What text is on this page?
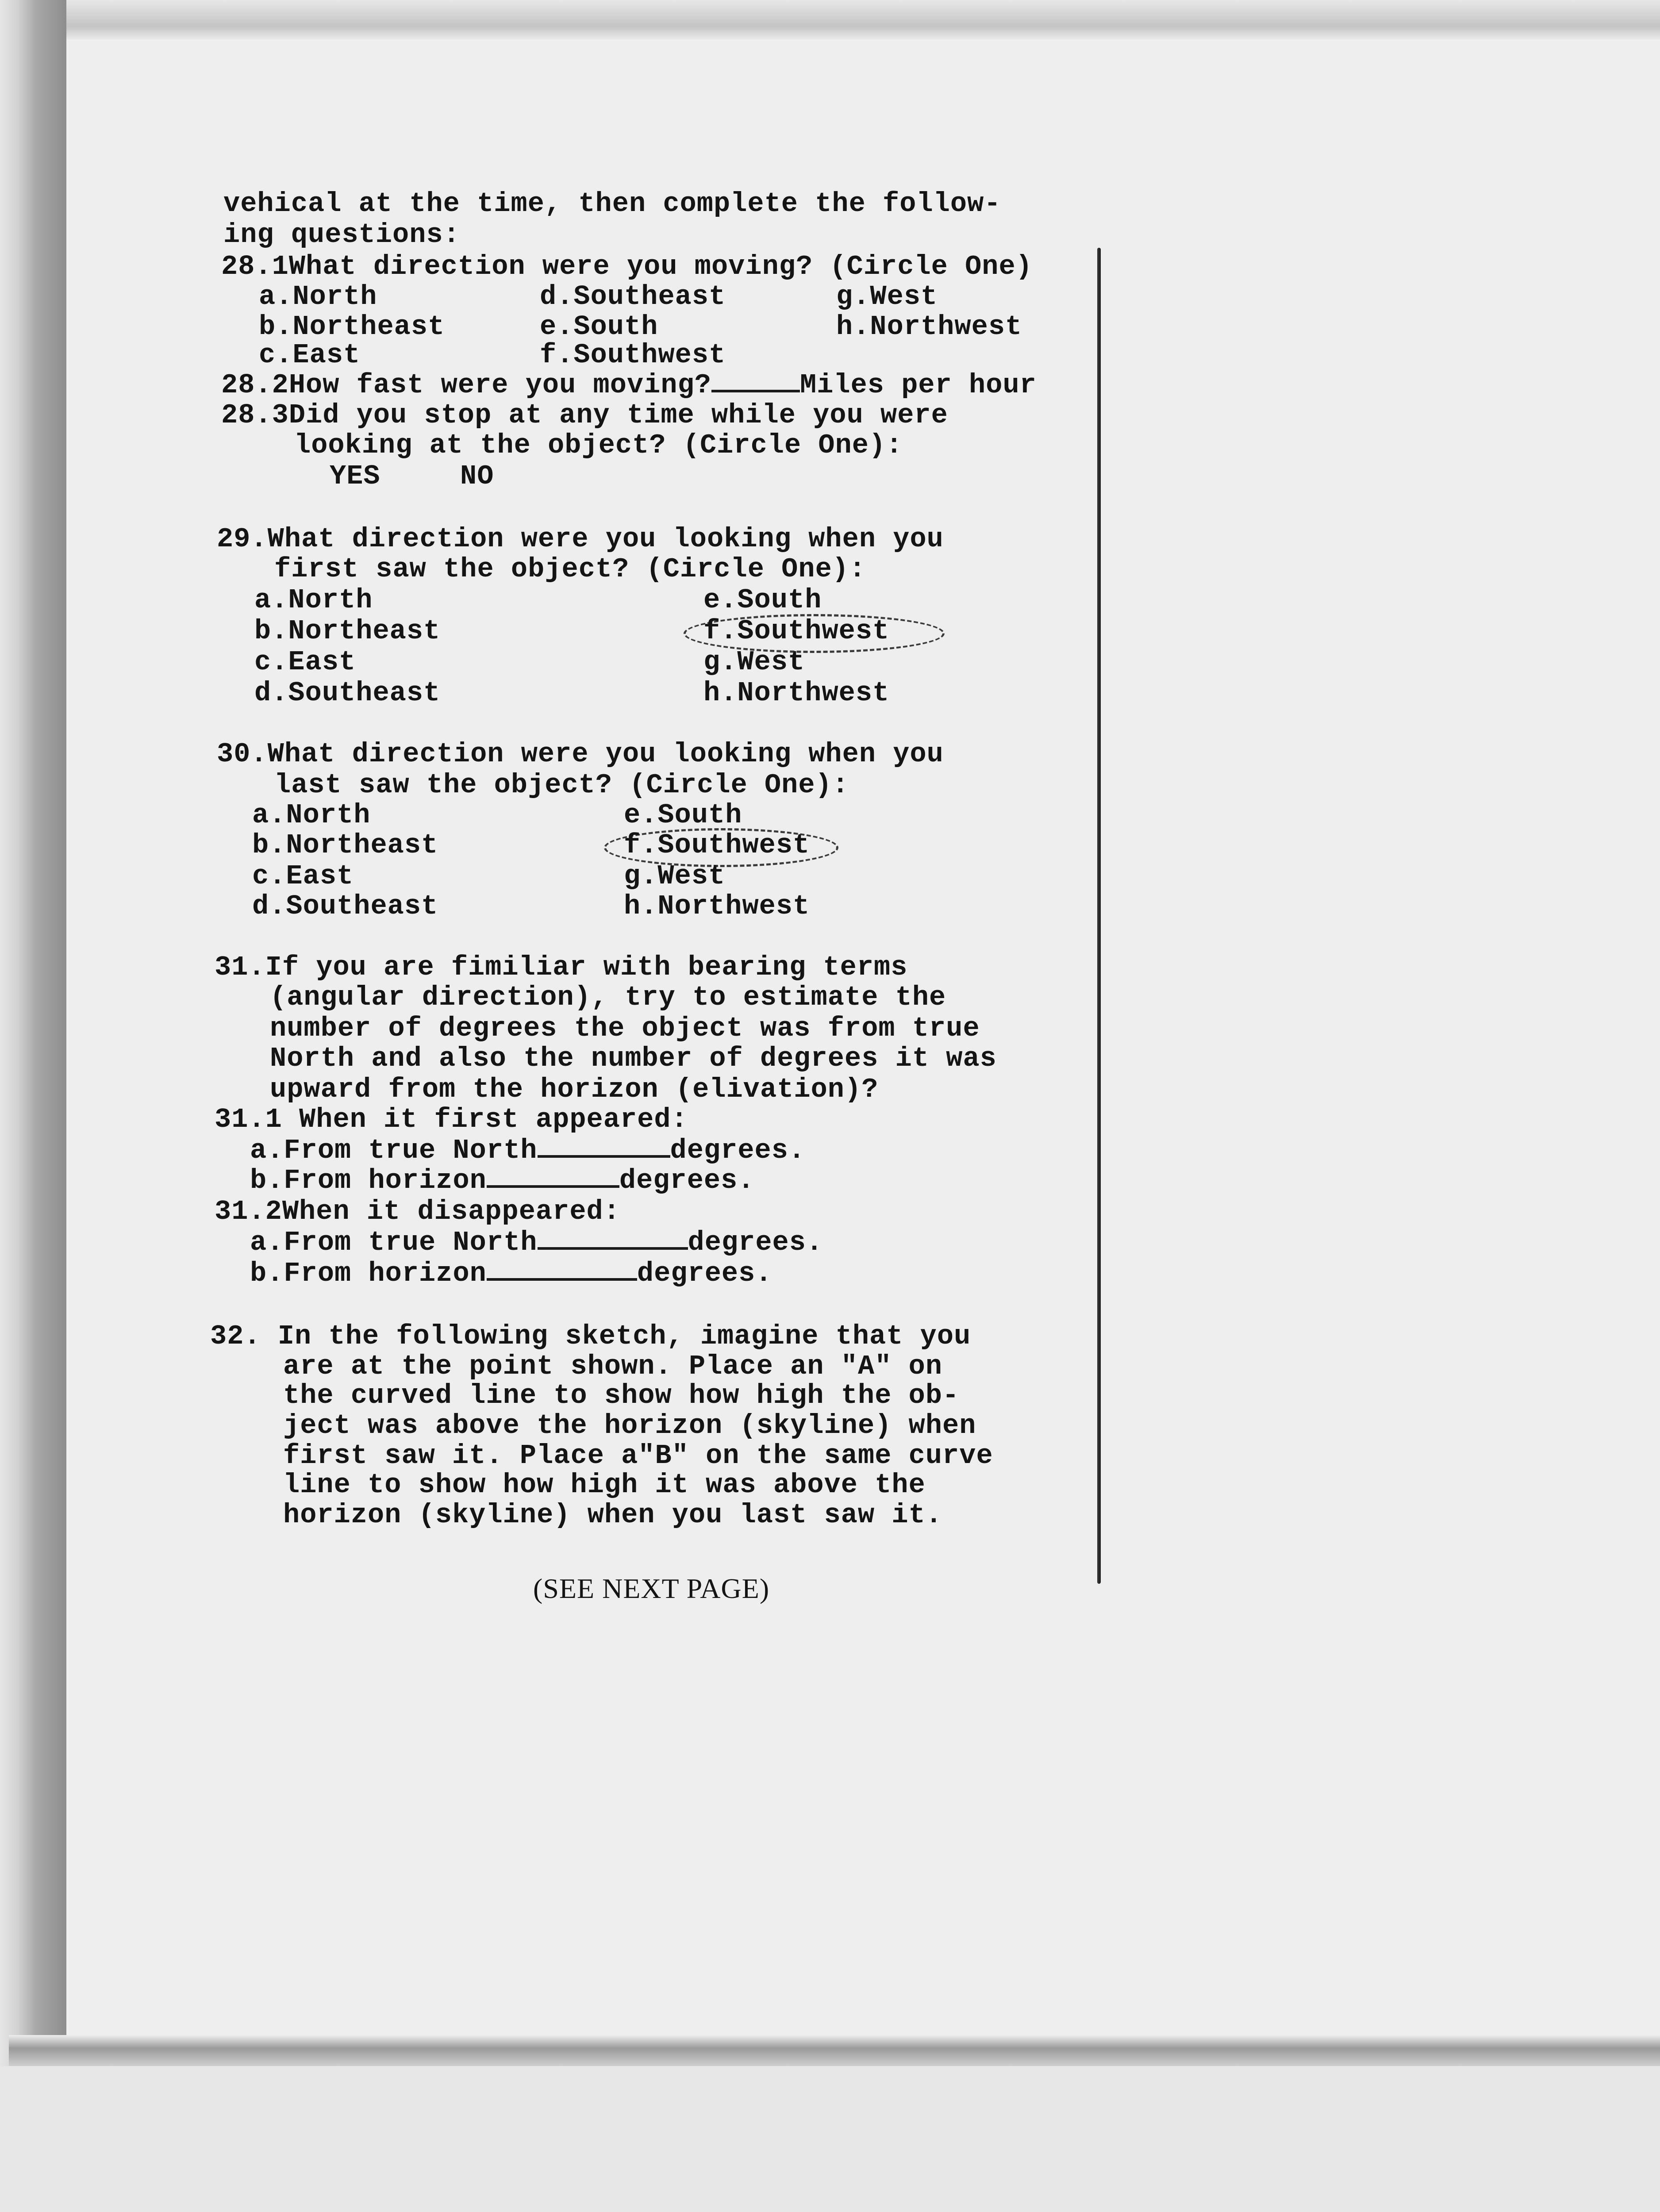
vehical at the time, then complete the follow-
ing questions:
28.1What direction were you moving? (Circle One)
a.North	d.Southeast	g.West
b.Northeast	e.South	h.Northwest
c.East	f.Southwest
28.2How fast were you moving?	Miles per hour
28.3Did you stop at any time while you were
looking at the object? (Circle One):
YES	NO
29.What direction were you looking when you
first saw the object? (Circle One):
a.North	e.South
b.Northeast	f.Southwest
c.East	g.West
d.Southeast	h.Northwest
30.What direction were you looking when you
last saw the object? (Circle One):
a.North	e.South
b.Northeast	f.Southwest
c.East	g.West
d.Southeast	h.Northwest
31.If you are fimiliar with bearing terms
(angular direction), try to estimate the
number of degrees the object was from true
North and also the number of degrees it was
upward from the horizon (elivation)?
31.1 When it first appeared:
a.From true North	degrees.
b.From horizon	degrees.
31.2When it disappeared:
a.From true North	degrees.
b.From horizon	degrees.
32. In the following sketch, imagine that you
are at the point shown. Place an "A" on
the curved line to show how high the ob-
ject was above the horizon (skyline) when
first saw it. Place a"B" on the same curve
line to show how high it was above the
horizon (skyline) when you last saw it.
(SEE NEXT PAGE)
